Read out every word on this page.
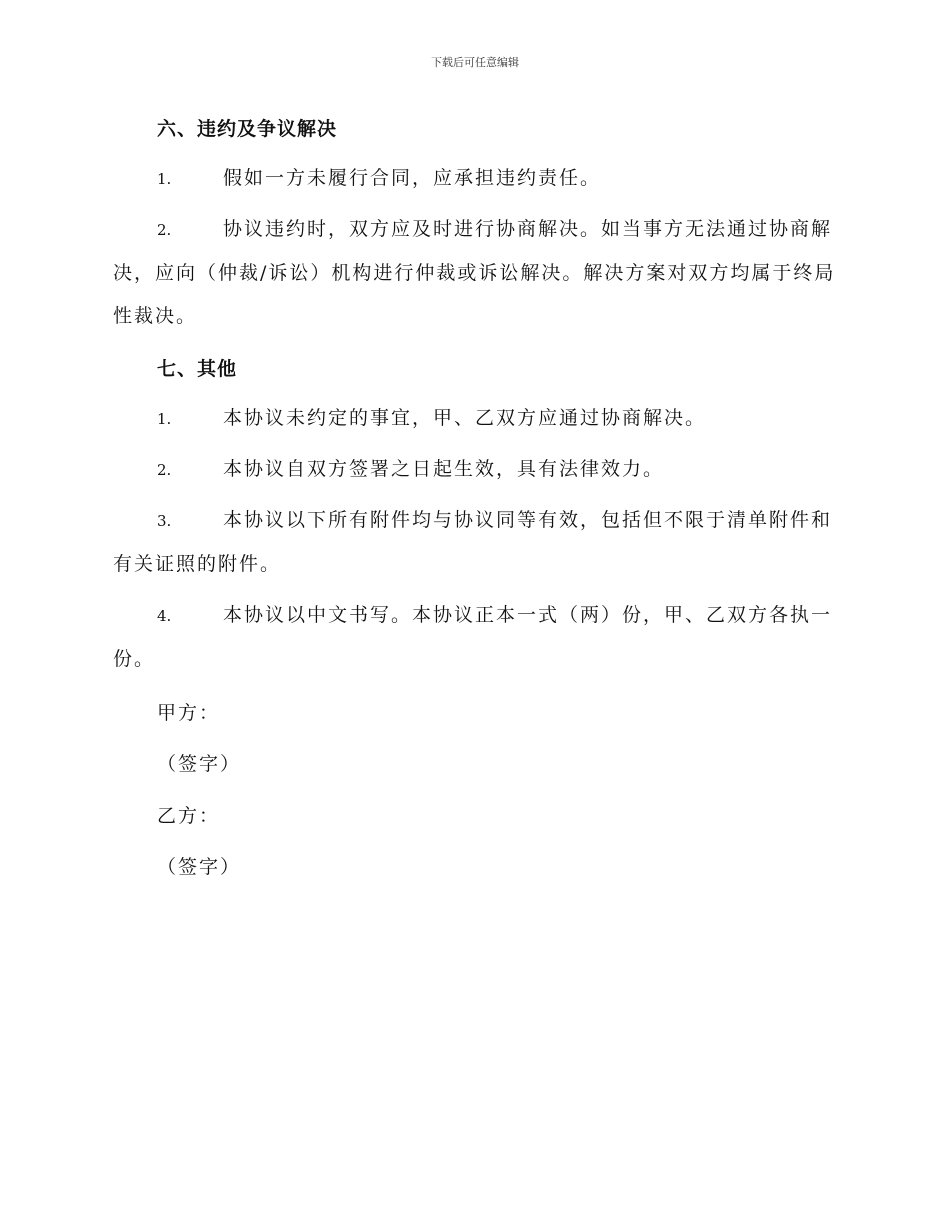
下载后可任意编辑
六、违约及争议解决
1.	假如一方未履行合同，应承担违约责任。
2.	协议违约时，双方应及时进行协商解决。如当事方无法通过协商解决，应向（仲裁/诉讼）机构进行仲裁或诉讼解决。解决方案对双方均属于终局性裁决。
七、其他
1.	本协议未约定的事宜，甲、乙双方应通过协商解决。
2.	本协议自双方签署之日起生效，具有法律效力。
3.	本协议以下所有附件均与协议同等有效，包括但不限于清单附件和有关证照的附件。
4.	本协议以中文书写。本协议正本一式（两）份，甲、乙双方各执一份。
甲方：
（签字）
乙方：
（签字）
